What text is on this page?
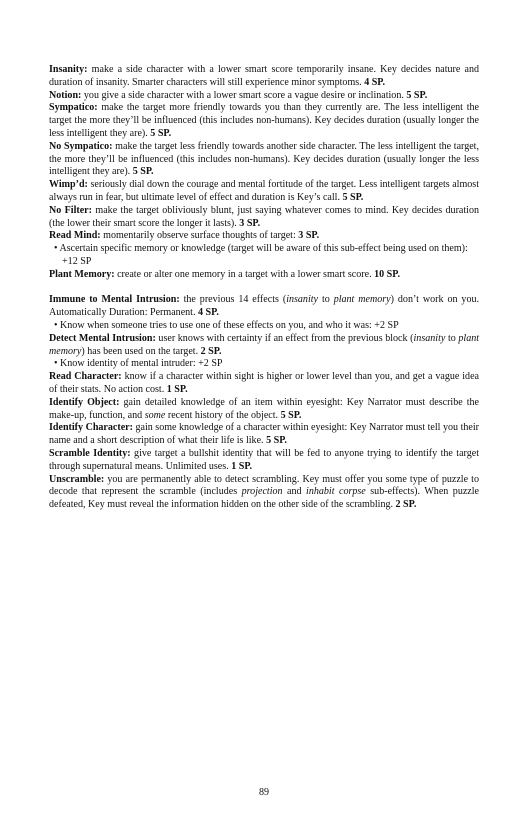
Insanity: make a side character with a lower smart score temporarily insane. Key decides nature and duration of insanity. Smarter characters will still experience minor symptoms. 4 SP.

Notion: you give a side character with a lower smart score a vague desire or inclination. 5 SP.

Sympatico: make the target more friendly towards you than they currently are. The less intelligent the target the more they’ll be influenced (this includes non-humans). Key decides duration (usually longer the less intelligent they are). 5 SP.

No Sympatico: make the target less friendly towards another side character. The less intelligent the target, the more they’ll be influenced (this includes non-humans). Key decides duration (usually longer the less intelligent they are). 5 SP.

Wimp’d: seriously dial down the courage and mental fortitude of the target. Less intelligent targets almost always run in fear, but ultimate level of effect and duration is Key’s call. 5 SP.

No Filter: make the target obliviously blunt, just saying whatever comes to mind. Key decides duration (the lower their smart score the longer it lasts). 3 SP.

Read Mind: momentarily observe surface thoughts of target: 3 SP.

• Ascertain specific memory or knowledge (target will be aware of this sub-effect being used on them): +12 SP

Plant Memory: create or alter one memory in a target with a lower smart score. 10 SP.

Immune to Mental Intrusion: the previous 14 effects (insanity to plant memory) don’t work on you. Automatically Duration: Permanent. 4 SP.

• Know when someone tries to use one of these effects on you, and who it was: +2 SP

Detect Mental Intrusion: user knows with certainty if an effect from the previous block (insanity to plant memory) has been used on the target. 2 SP.

• Know identity of mental intruder: +2 SP

Read Character: know if a character within sight is higher or lower level than you, and get a vague idea of their stats. No action cost. 1 SP.

Identify Object: gain detailed knowledge of an item within eyesight: Key Narrator must describe the make-up, function, and some recent history of the object. 5 SP.

Identify Character: gain some knowledge of a character within eyesight: Key Narrator must tell you their name and a short description of what their life is like. 5 SP.

Scramble Identity: give target a bullshit identity that will be fed to anyone trying to identify the target through supernatural means. Unlimited uses. 1 SP.

Unscramble: you are permanently able to detect scrambling. Key must offer you some type of puzzle to decode that represent the scramble (includes projection and inhabit corpse sub-effects). When puzzle defeated, Key must reveal the information hidden on the other side of the scrambling. 2 SP.

89
